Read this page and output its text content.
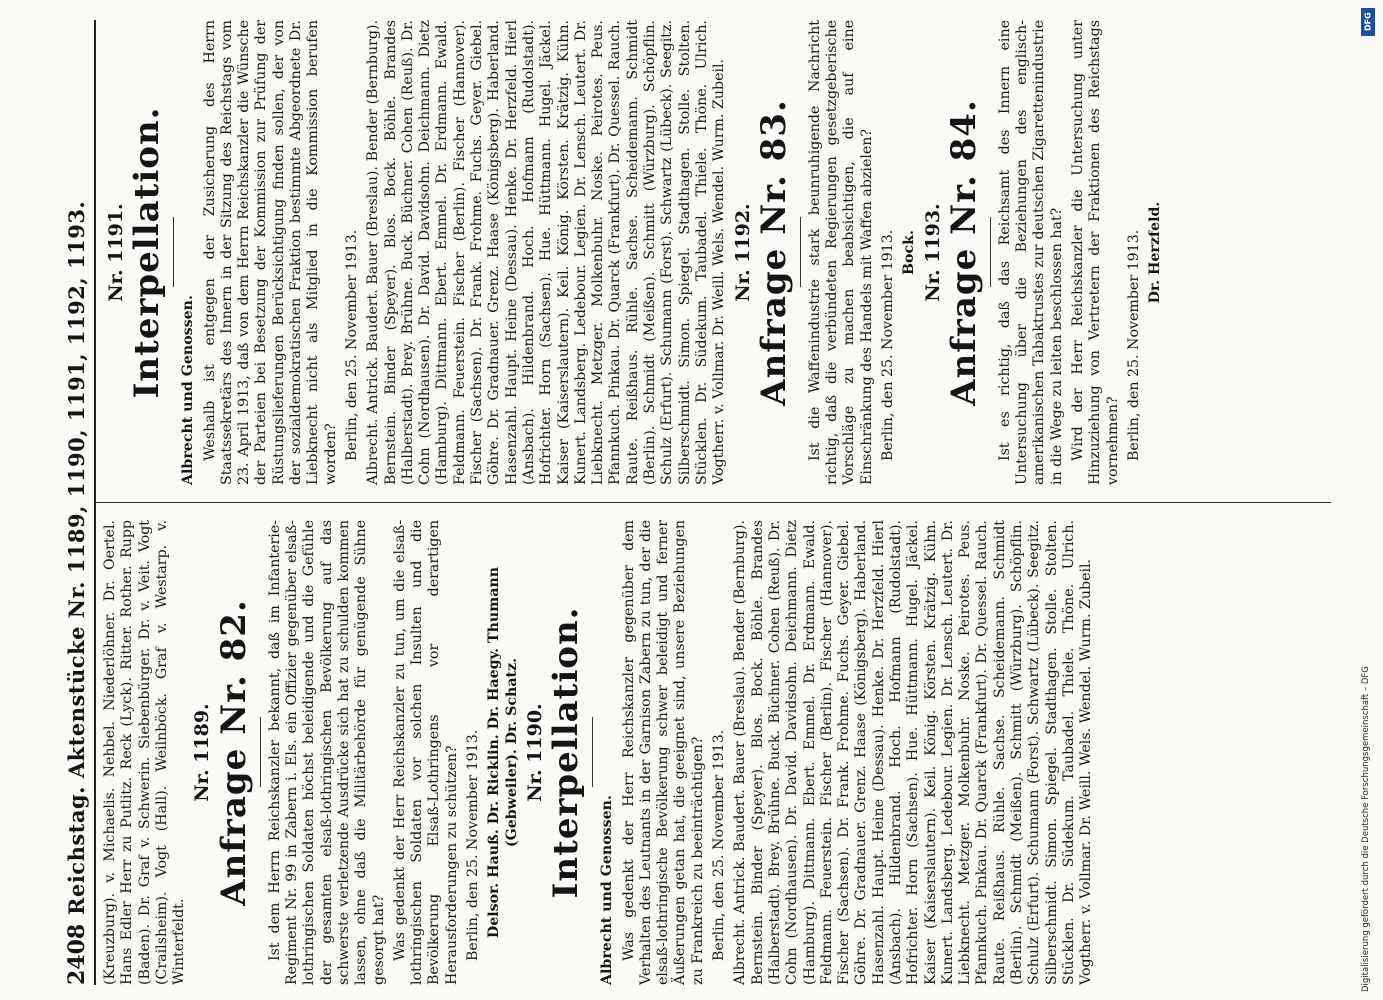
2408
Reichstag. Aktenstücke Nr. 1189, 1190, 1191, 1192, 1193. (Kreuzburg). v. Michaelis. Nehbel. Niederlöhner. Dr. Oertel. Hans Edler Herr zu Putlitz. Reck (Lyck). Ritter. Rother. Rupp (Baden). Dr. Graf v. Schwerin. Siebenbürger. Dr. v. Veit. Vogt (Crailsheim). Vogt (Hall). Weilnböck. Graf v. Westarp. v. Winterfeldt.

Nr. 1189. Anfrage Nr. 82. Ist dem Herrn Reichskanzler bekannt, daß im Infanterie-Regiment Nr. 99 in Zabern i. Els. ein Offizier gegenüber elsaß-lothringischen Soldaten höchst beleidigende und die Gefühle der gesamten elsaß-lothringischen Bevölkerung auf das schwerste verletzende Ausdrücke sich hat zu schulden kommen lassen, ohne daß die Militärbehörde für genügende Sühne gesorgt hat? Was gedenkt der Herr Reichskanzler zu tun, um die elsaß-lothringischen Soldaten vor solchen Insulten und die Bevölkerung Elsaß-Lothringens vor derartigen Herausforderungen zu schützen? Berlin, den 25. November 1913. Delsor. Hauß. Dr. Ricklin. Dr. Haegy. Thumann (Gebweiler). Dr. Schatz. Nr. 1190. Interpellation. Albrecht und Genossen. Was gedenkt der Herr Reichskanzler gegenüber dem Verhalten des Leutnants in der Garnison Zabern zu tun, der die elsaß-lothringische Bevölkerung schwer beleidigt und ferner Äußerungen getan hat, die geeignet sind, unsere Beziehungen zu Frankreich zu beeinträchtigen? Berlin, den 25. November 1913. Albrecht. Antrick. Baudert. Bauer (Breslau). Bender (Bernburg). Bernstein. Binder (Speyer). Blos. Bock. Böhle. Brandes (Halberstadt). Brey. Brühne. Buck. Büchner. Cohen (Reuß). Dr. Cohn (Nordhausen). Dr. David. Davidsohn. Deichmann. Dietz (Hamburg). Dittmann. Ebert. Emmel. Dr. Erdmann. Ewald. Feldmann. Feuerstein. Fischer (Berlin). Fischer (Hannover). Fischer (Sachsen). Dr. Frank. Frohme. Fuchs. Geyer. Giebel. Göhre. Dr. Gradnauer. Grenz. Haase (Königsberg). Haberland. Hasenzahl. Haupt. Heine (Dessau). Henke. Dr. Herzfeld. Hierl (Ansbach). Hildenbrand. Hoch. Hofmann (Rudolstadt). Hofrichter. Horn (Sachsen). Hue. Hüttmann. Hugel. Jäckel. Kaiser (Kaiserslautern). Keil. König. Körsten. Krätzig. Kühn. Kunert. Landsberg. Ledebour. Legien. Dr. Lensch. Leutert. Dr. Liebknecht. Metzger. Molkenbuhr. Noske. Peirotes. Peus. Pfannkuch. Pinkau. Dr. Quarck (Frankfurt). Dr. Quessel. Rauch. Raute. Reißhaus. Rühle. Sachse. Scheidemann. Schmidt (Berlin). Schmidt (Meißen). Schmitt (Würzburg). Schöpflin. Schulz (Erfurt). Schumann (Forst). Schwartz (Lübeck). Seegitz. Silberschmidt. Simon. Spiegel. Stadthagen. Stolle. Stolten. Stücklen. Dr. Südekum. Taubadel. Thiele. Thöne. Ulrich. Vogtherr. v. Vollmar. Dr. Weill. Wels. Wendel. Wurm. Zubeil.

Nr. 1191. Interpellation. Albrecht und Genossen. Weshalb ist entgegen der Zusicherung des Herrn Staatssekretärs des Innern in der Sitzung des Reichstags vom 23. April 1913, daß von dem Herrn Reichskanzler die Wünsche der Parteien bei Besetzung der Kommission zur Prüfung der Rüstungslieferungen Berücksichtigung finden sollen, der von der sozialdemokratischen Fraktion bestimmte Abgeordnete Dr. Liebknecht nicht als Mitglied in die Kommission berufen worden? Berlin, den 25. November 1913. Albrecht. Antrick. Baudert. Bauer (Breslau). Bender (Bernburg). Bernstein. Binder (Speyer). Blos. Bock. Böhle. Brandes (Halberstadt). Brey. Brühne. Buck. Büchner. Cohen (Reuß). Dr. Cohn (Nordhausen). Dr. David. Davidsohn. Deichmann. Dietz (Hamburg). Dittmann. Ebert. Emmel. Dr. Erdmann. Ewald. Feldmann. Feuerstein. Fischer (Berlin). Fischer (Hannover). Fischer (Sachsen). Dr. Frank. Frohme. Fuchs. Geyer. Giebel. Göhre. Dr. Gradnauer. Grenz. Haase (Königsberg). Haberland. Hasenzahl. Haupt. Heine (Dessau). Henke. Dr. Herzfeld. Hierl (Ansbach). Hildenbrand. Hoch. Hofmann (Rudolstadt). Hofrichter. Horn (Sachsen). Hue. Hüttmann. Hugel. Jäckel. Kaiser (Kaiserslautern). Keil. König. Körsten. Krätzig. Kühn. Kunert. Landsberg. Ledebour. Legien. Dr. Lensch. Leutert. Dr. Liebknecht. Metzger. Molkenbuhr. Noske. Peirotes. Peus. Pfannkuch. Pinkau. Dr. Quarck (Frankfurt). Dr. Quessel. Rauch. Raute. Reißhaus. Rühle. Sachse. Scheidemann. Schmidt (Berlin). Schmidt (Meißen). Schmitt (Würzburg). Schöpflin. Schulz (Erfurt). Schumann (Forst). Schwartz (Lübeck). Seegitz. Silberschmidt. Simon. Spiegel. Stadthagen. Stolle. Stolten. Stücklen. Dr. Südekum. Taubadel. Thiele. Thöne. Ulrich. Vogtherr. v. Vollmar. Dr. Weill. Wels. Wendel. Wurm. Zubeil. Nr. 1192. Anfrage Nr. 83. Ist die Waffenindustrie stark beunruhigende Nachricht richtig, daß die verbündeten Regierungen gesetzgeberische Vorschläge zu machen beabsichtigen, die auf eine Einschränkung des Handels mit Waffen abzielen? Berlin, den 25. November 1913. Bock. Nr. 1193. Anfrage Nr. 84. Ist es richtig, daß das Reichsamt des Innern eine Untersuchung über die Beziehungen des englisch-amerikanischen Tabaktrustes zur deutschen Zigarettenindustrie in die Wege zu leiten beschlossen hat? Wird der Herr Reichskanzler die Untersuchung unter Hinzuziehung von Vertretern der Fraktionen des Reichstags vornehmen? Berlin, den 25. November 1913. Dr. Herzfeld.

DFG
Digitalisierung gefördert durch die Deutsche Forschungsgemeinschaft – DFG
